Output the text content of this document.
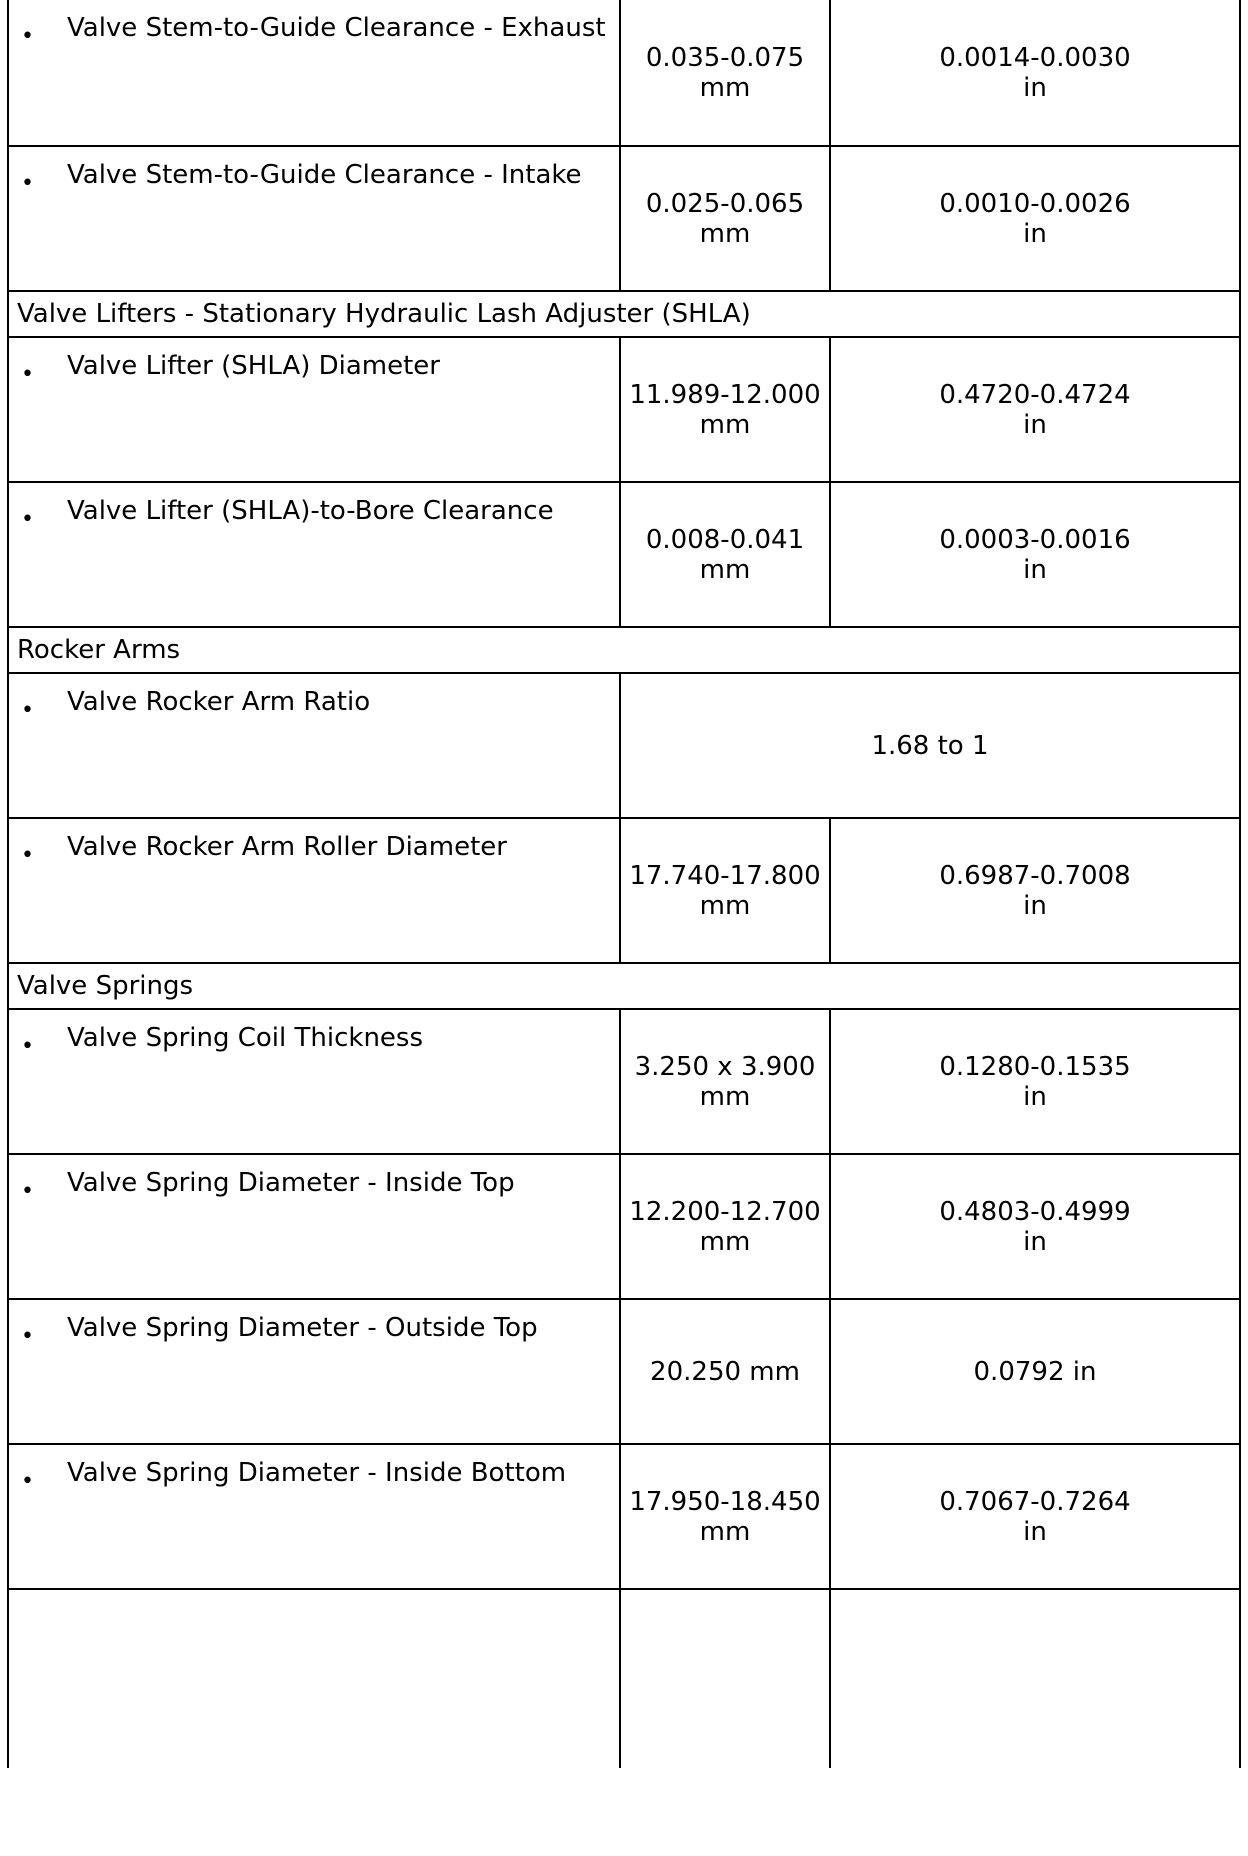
• Valve Stem-to-Guide Clearance - Exhaust
0.035-0.075
mm
0.0014-0.0030
in
• Valve Stem-to-Guide Clearance - Intake
0.025-0.065
mm
0.0010-0.0026
in
Valve Lifters - Stationary Hydraulic Lash Adjuster (SHLA)
• Valve Lifter (SHLA) Diameter
11.989-12.000
mm
0.4720-0.4724
in
• Valve Lifter (SHLA)-to-Bore Clearance
0.008-0.041
mm
0.0003-0.0016
in
Rocker Arms
• Valve Rocker Arm Ratio
1.68 to 1
• Valve Rocker Arm Roller Diameter
17.740-17.800
mm
0.6987-0.7008
in
Valve Springs
• Valve Spring Coil Thickness
3.250 x 3.900
mm
0.1280-0.1535
in
• Valve Spring Diameter - Inside Top
12.200-12.700
mm
0.4803-0.4999
in
• Valve Spring Diameter - Outside Top
20.250 mm	0.0792 in
• Valve Spring Diameter - Inside Bottom
17.950-18.450
mm
0.7067-0.7264
in
